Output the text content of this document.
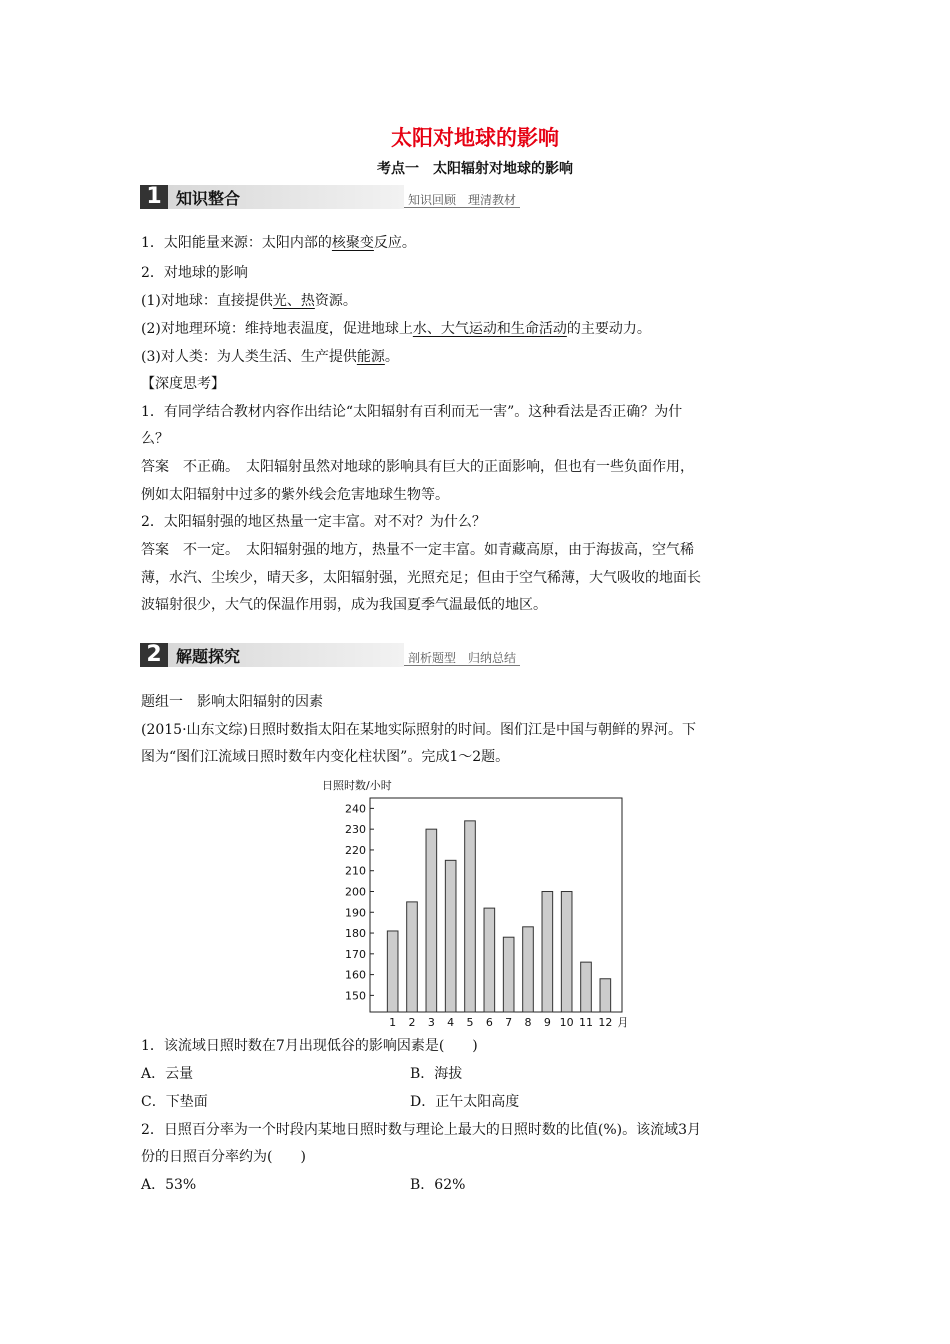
太阳对地球的影响
考点一　太阳辐射对地球的影响
1 知识整合	知识回顾　理清教材
1．太阳能量来源：太阳内部的核聚变反应。
2．对地球的影响
(1)对地球：直接提供光、热资源。
(2)对地理环境：维持地表温度，促进地球上水、大气运动和生命活动的主要动力。
(3)对人类：为人类生活、生产提供能源。
【深度思考】
1．有同学结合教材内容作出结论“太阳辐射有百利而无一害”。这种看法是否正确？为什
么？
答案　不正确。　太阳辐射虽然对地球的影响具有巨大的正面影响，但也有一些负面作用，
例如太阳辐射中过多的紫外线会危害地球生物等。
2．太阳辐射强的地区热量一定丰富。对不对？为什么？
答案　不一定。　太阳辐射强的地方，热量不一定丰富。如青藏高原，由于海拔高，空气稀
薄，水汽、尘埃少，晴天多，太阳辐射强，光照充足；但由于空气稀薄，大气吸收的地面长
波辐射很少，大气的保温作用弱，成为我国夏季气温最低的地区。
2 解题探究	剖析题型　归纳总结
题组一　影响太阳辐射的因素
(2015·山东文综)日照时数指太阳在某地实际照射的时间。图们江是中国与朝鲜的界河。下
图为“图们江流域日照时数年内变化柱状图”。完成1～2题。
日照时数/小时
150
160
170
180
190
200
210
220
230
240
1 2 3 4 5 6 7 8 9 10 11 12 月
1．该流域日照时数在7月出现低谷的影响因素是(　　)
A．云量	B．海拔
C．下垫面	D．正午太阳高度
2．日照百分率为一个时段内某地日照时数与理论上最大的日照时数的比值(%)。该流域3月
份的日照百分率约为(　　)
A．53%	B．62%
